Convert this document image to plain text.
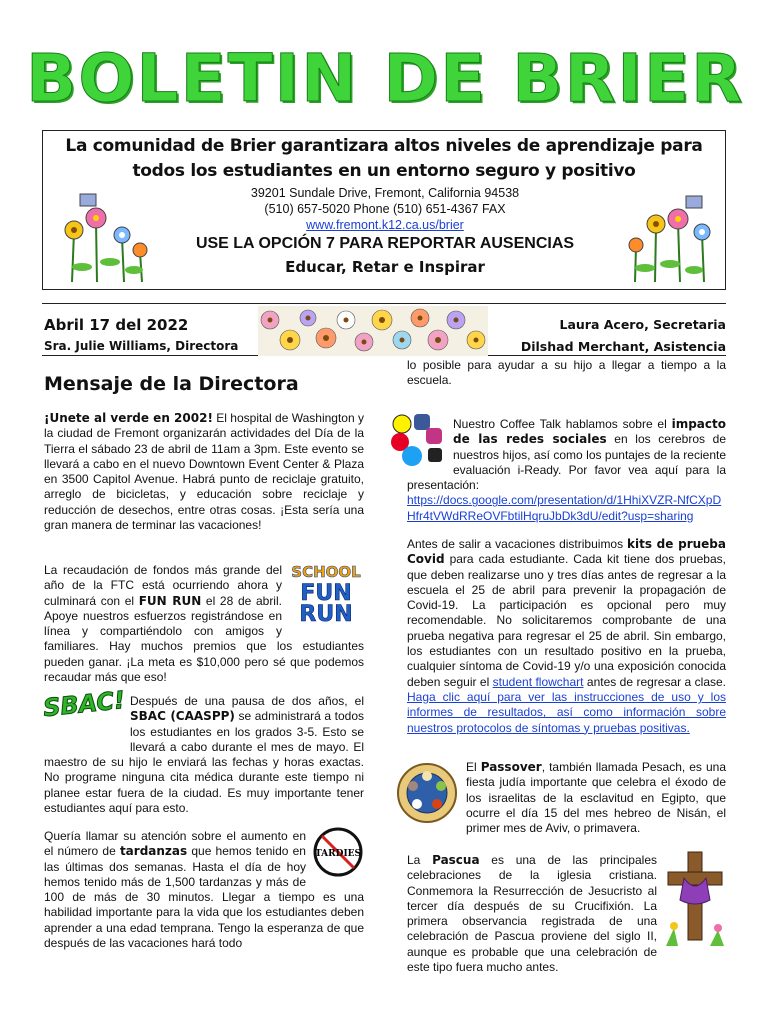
BOLETIN DE BRIER
La comunidad de Brier garantizara altos niveles de aprendizaje para
todos los estudiantes en un entorno seguro y positivo
39201 Sundale Drive, Fremont, California 94538
(510) 657-5020 Phone (510) 651-4367 FAX
www.fremont.k12.ca.us/brier
USE LA OPCIÓN 7 PARA REPORTAR AUSENCIAS
Educar, Retar e Inspirar
Abril 17 del 2022
Sra. Julie Williams, Directora
Laura Acero, Secretaria
Dilshad Merchant, Asistencia
Mensaje de la Directora

¡Unete al verde en 2002! El hospital de Washington y la ciudad de Fremont organizarán actividades del Día de la Tierra el sábado 23 de abril de 11am a 3pm. Este evento se llevará a cabo en el nuevo Downtown Event Center & Plaza en 3500 Capitol Avenue. Habrá punto de reciclaje gratuito, arreglo de bicicletas, y educación sobre reciclaje y reducción de desechos, entre otras cosas. ¡Esta sería una gran manera de terminar las vacaciones!

SCHOOL
FUN
RUN
SBAC!
TARDIES

lo posible para ayudar a su hijo a llegar a tiempo a la escuela.

Nuestro Coffee Talk hablamos sobre el impacto de las redes sociales en los cerebros de nuestros hijos, así como los puntajes de la reciente evaluación i-Ready. Por favor vea aquí para la presentación:
https://docs.google.com/presentation/d/1HhiXVZR-NfCXpDHfr4tVWdRReOVFbtilHqruJbDk3dU/edit?usp=sharing

Antes de salir a vacaciones distribuimos kits de prueba Covid para cada estudiante. Cada kit tiene dos pruebas, que deben realizarse uno y tres días antes de regresar a la escuela el 25 de abril para prevenir la propagación de Covid-19. La participación es opcional pero muy recomendable. No solicitaremos comprobante de una prueba negativa para regresar el 25 de abril. Sin embargo, los estudiantes con un resultado positivo en la prueba, cualquier síntoma de Covid-19 y/o una exposición conocida deben seguir el student flowchart antes de regresar a clase. Haga clic aquí para ver las instrucciones de uso y los informes de resultados, así como información sobre nuestros protocolos de síntomas y pruebas positivas.

El Passover, también llamada Pesach, es una fiesta judía importante que celebra el éxodo de los israelitas de la esclavitud en Egipto, que ocurre el día 15 del mes hebreo de Nisán, el primer mes de Aviv, o primavera.

La Pascua es una de las principales celebraciones de la iglesia cristiana. Conmemora la Resurrección de Jesucristo al tercer día después de su Crucifixión. La primera observancia registrada de una celebración de Pascua proviene del siglo II, aunque es probable que una celebración de este tipo fuera mucho antes.

La recaudación de fondos más grande del año de la FTC está ocurriendo ahora y culminará con el FUN RUN el 28 de abril. Apoye nuestros esfuerzos registrándose en línea y compartiéndolo con amigos y familiares. Hay muchos premios que los estudiantes pueden ganar. ¡La meta es $10,000 pero sé que podemos recaudar más que eso!

Después de una pausa de dos años, el SBAC (CAASPP) se administrará a todos los estudiantes en los grados 3-5. Esto se llevará a cabo durante el mes de mayo. El maestro de su hijo le enviará las fechas y horas exactas. No programe ninguna cita médica durante este tiempo ni planee estar fuera de la ciudad. Es muy importante tener estudiantes aquí para esto.

Quería llamar su atención sobre el aumento en el número de tardanzas que hemos tenido en las últimas dos semanas. Hasta el día de hoy hemos tenido más de 1,500 tardanzas y más de 100 de más de 30 minutos. Llegar a tiempo es una habilidad importante para la vida que los estudiantes deben aprender a una edad temprana. Tengo la esperanza de que después de las vacaciones hará todo
